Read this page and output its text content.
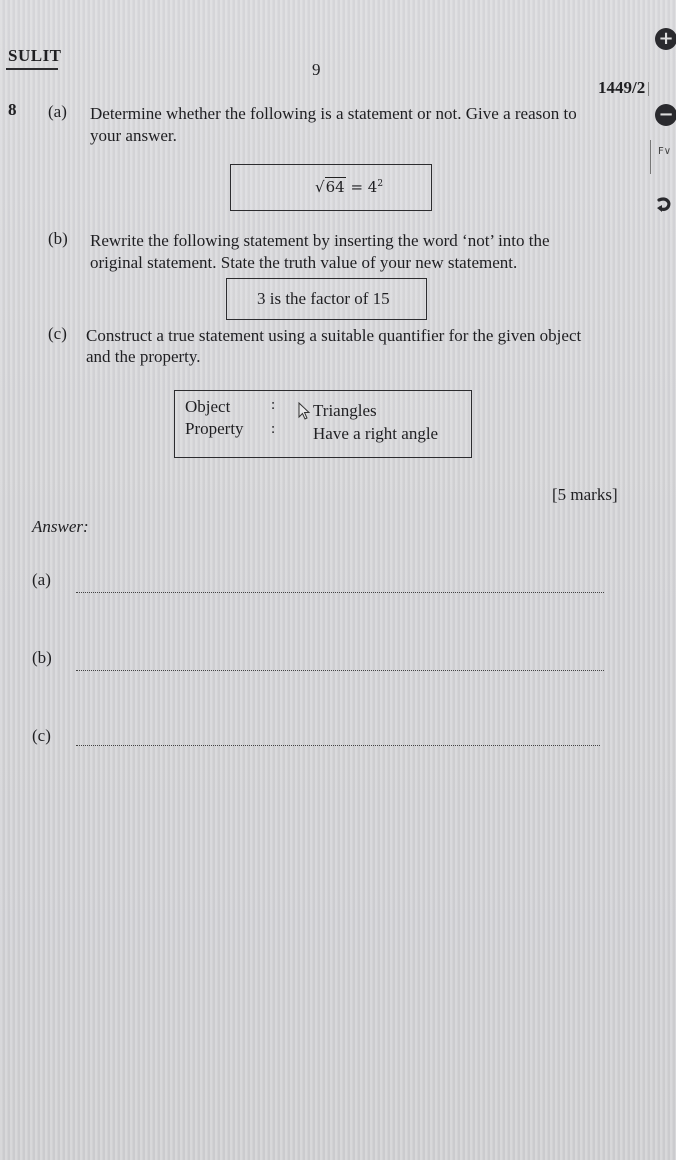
SULIT
9
1449/2
8 (a) Determine whether the following is a statement or not. Give a reason to
your answer.
$√64 = 4^2$
(b) Rewrite the following statement by inserting the word ‘not’ into the
original statement. State the truth value of your new statement.
3 is the factor of 15
(c) Construct a true statement using a suitable quantifier for the given object
and the property.
Object	: Triangles
Property : Have a right angle
[5 marks]
Answer:
(a)
(b)
(c)
+
−
F∨
